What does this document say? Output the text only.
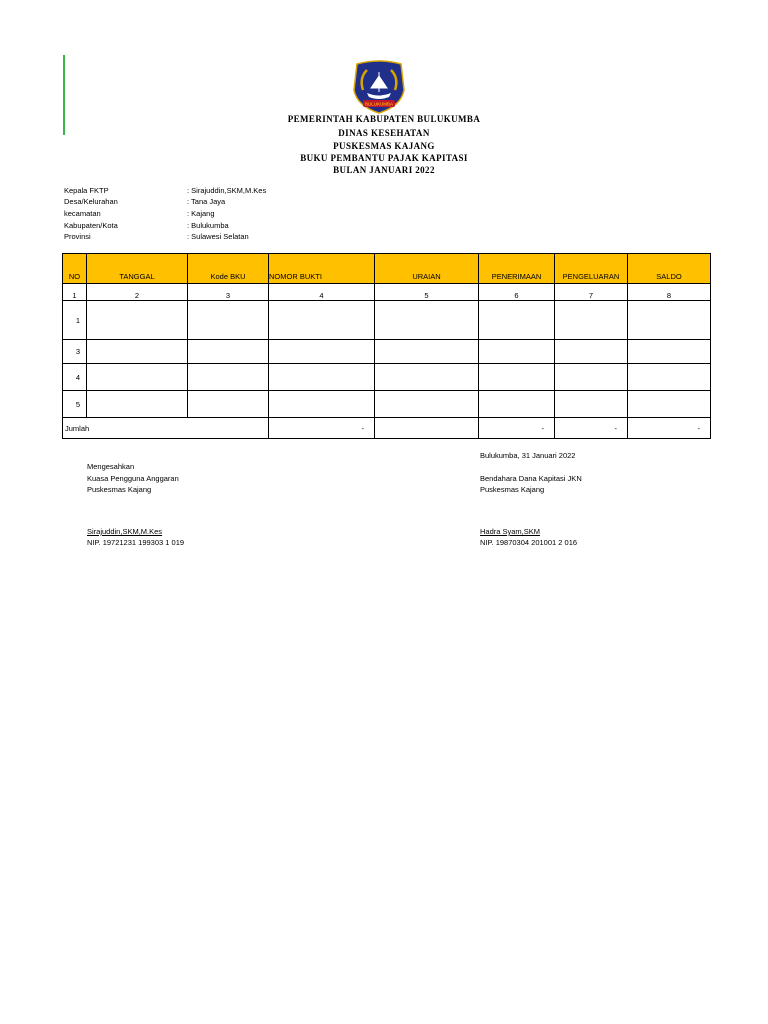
BULUKUMBA
PEMERINTAH KABUPATEN BULUKUMBA
DINAS KESEHATAN
PUSKESMAS KAJANG
BUKU PEMBANTU PAJAK KAPITASI
BULAN JANUARI 2022
Kepala FKTP	: Sirajuddin,SKM,M.Kes
Desa/Kelurahan	: Tana Jaya
kecamatan	: Kajang
Kabupaten/Kota	: Bulukumba
Provinsi	: Sulawesi Selatan
NO	TANGGAL	Kode BKU	NOMOR BUKTI	URAIAN	PENERIMAAN	PENGELUARAN	SALDO
1	2	3	4	5	6	7	8
1							
3							
4							
5							
Jumlah			-		-	-	-
Bulukumba, 31 Januari 2022
Mengesahkan
Kuasa Pengguna Anggaran
Puskesmas Kajang
Sirajuddin,SKM,M.Kes
NIP. 19721231 199303 1 019
Bendahara Dana Kapitasi JKN
Puskesmas Kajang
Hadra Syam,SKM
NIP. 19870304 201001 2 016
